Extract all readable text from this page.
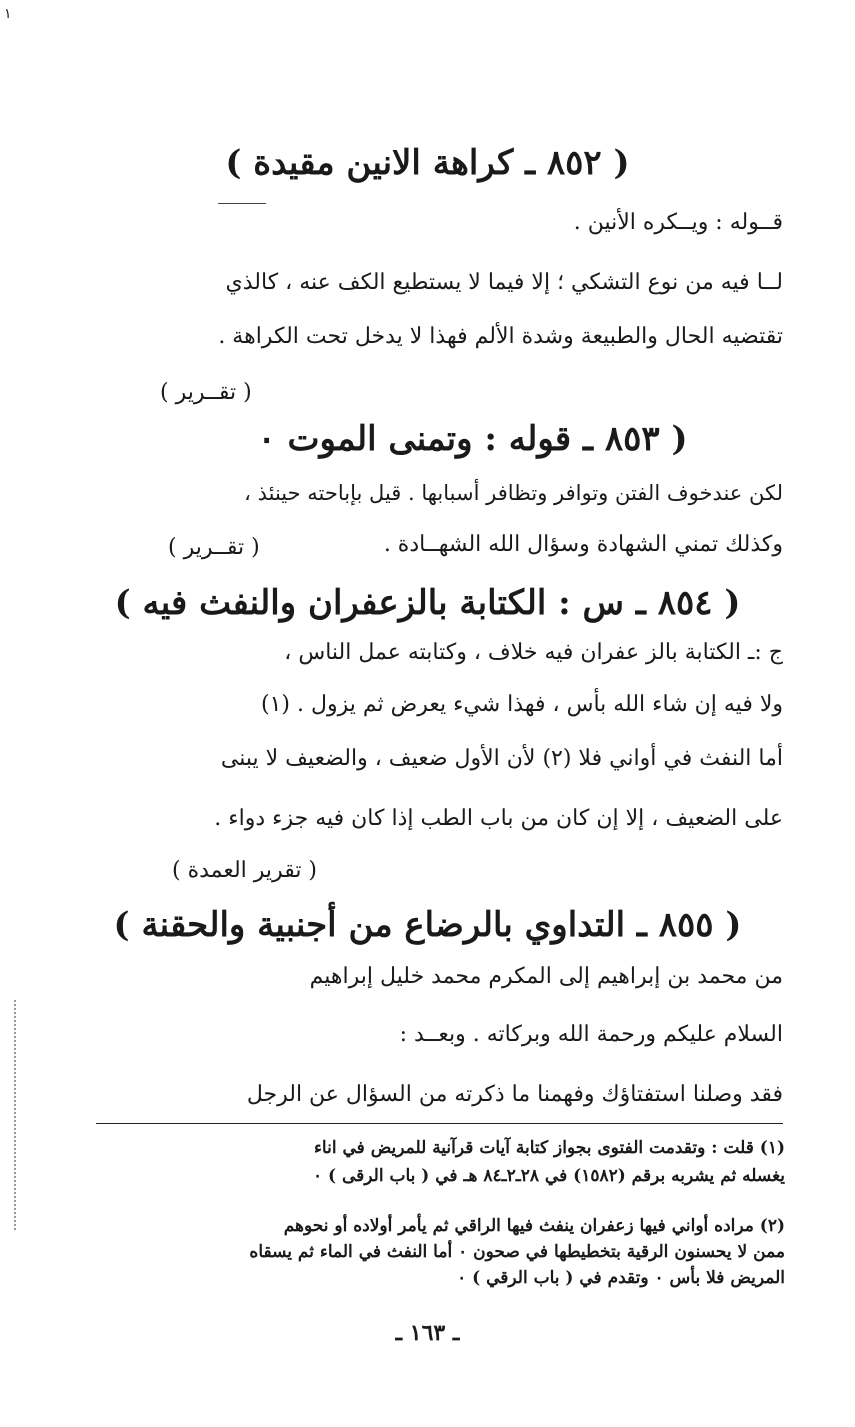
١
( ٨٥٢ ـ كراهة الانين مقيدة )
قــوله : ويــكره الأنين .
لــا فيه من نوع التشكي ؛ إلا فيما لا يستطيع الكف عنه ، كالذي
تقتضيه الحال والطبيعة وشدة الألم فهذا لا يدخل تحت الكراهة .
( تقــرير )
( ٨٥٣ ـ قوله : وتمنى الموت ٠
لكن عندخوف الفتن وتوافر وتظافر أسبابها . قيل بإباحته حينئذ ،
وكذلك تمني الشهادة وسؤال الله الشهــادة .
( تقــرير )
( ٨٥٤ ـ س : الكتابة بالزعفران والنفث فيه )
ج :ـ الكتابة بالز عفران فيه خلاف ، وكتابته عمل الناس ،
ولا فيه إن شاء الله بأس ، فهذا شيء يعرض ثم يزول . (١)
أما النفث في أواني فلا (٢) لأن الأول ضعيف ، والضعيف لا يبنى
على الضعيف ، إلا إن كان من باب الطب إذا كان فيه جزء دواء .
( تقرير العمدة )
( ٨٥٥ ـ التداوي بالرضاع من أجنبية والحقنة )
من محمد بن إبراهيم إلى المكرم محمد خليل إبراهيم
السلام عليكم ورحمة الله وبركاته . وبعــد :
فقد وصلنا استفتاؤك وفهمنا ما ذكرته من السؤال عن الرجل
(١) قلت : وتقدمت الفتوى بجواز كتابة آيات قرآنية للمريض في اناء
يغسله ثم يشربه برقم (١٥٨٢) في ٢٨ـ٢ـ٨٤ هـ في ( باب الرقى ) ٠
(٢) مراده أواني فيها زعفران ينفث فيها الراقي ثم يأمر أولاده أو نحوهم
ممن لا يحسنون الرقية بتخطيطها في صحون ٠ أما النفث في الماء ثم يسقاه
المريض فلا بأس ٠ وتقدم في ( باب الرقي ) ٠
ـ ١٦٣ ـ
